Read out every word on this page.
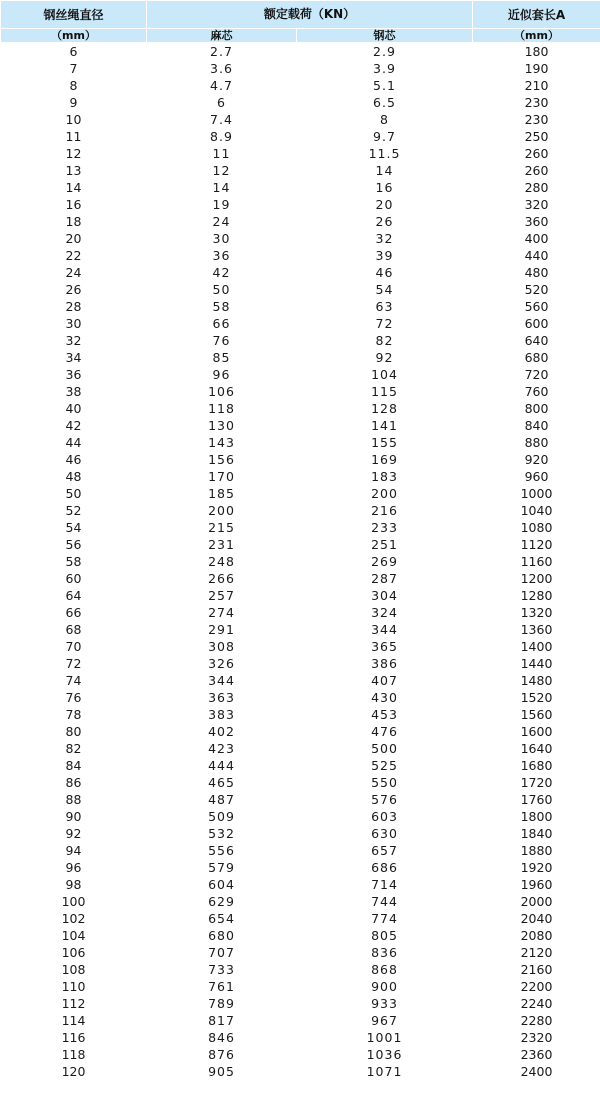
钢丝绳直径	额定载荷（KN）		近似套长A
（mm）	麻芯	钢芯	（mm）
6	2.7	2.9	180
7	3.6	3.9	190
8	4.7	5.1	210
9	6	6.5	230
10	7.4	8	230
11	8.9	9.7	250
12	11	11.5	260
13	12	14	260
14	14	16	280
16	19	20	320
18	24	26	360
20	30	32	400
22	36	39	440
24	42	46	480
26	50	54	520
28	58	63	560
30	66	72	600
32	76	82	640
34	85	92	680
36	96	104	720
38	106	115	760
40	118	128	800
42	130	141	840
44	143	155	880
46	156	169	920
48	170	183	960
50	185	200	1000
52	200	216	1040
54	215	233	1080
56	231	251	1120
58	248	269	1160
60	266	287	1200
64	257	304	1280
66	274	324	1320
68	291	344	1360
70	308	365	1400
72	326	386	1440
74	344	407	1480
76	363	430	1520
78	383	453	1560
80	402	476	1600
82	423	500	1640
84	444	525	1680
86	465	550	1720
88	487	576	1760
90	509	603	1800
92	532	630	1840
94	556	657	1880
96	579	686	1920
98	604	714	1960
100	629	744	2000
102	654	774	2040
104	680	805	2080
106	707	836	2120
108	733	868	2160
110	761	900	2200
112	789	933	2240
114	817	967	2280
116	846	1001	2320
118	876	1036	2360
120	905	1071	2400
